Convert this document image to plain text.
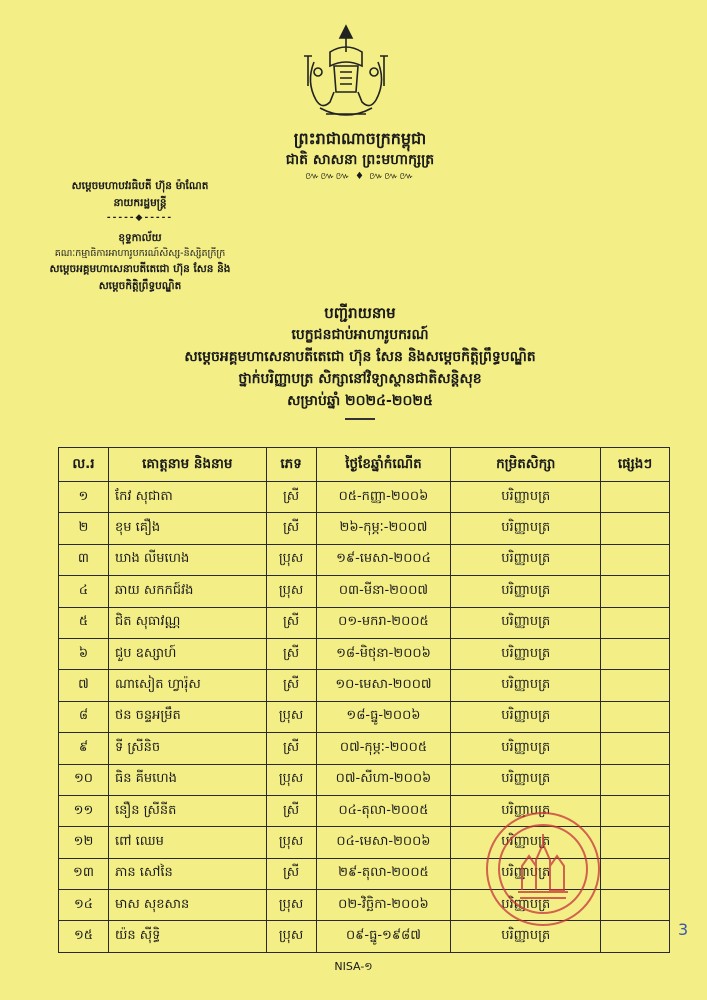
ព្រះរាជាណាចក្រកម្ពុជា
ជាតិ សាសនា ព្រះមហាក្សត្រ
៚៚៚ ♦ ៚៚៚
សម្តេចមហាបវរធិបតី ហ៊ុន ម៉ាណែត
នាយករដ្ឋមន្ត្រី
-----◆-----
ខុទ្ទកាល័យ
គណៈកម្មាធិការអាហារូបករណ៍សិស្ស-និស្សិតក្រីក្រ
សម្តេចអគ្គមហាសេនាបតីតេជោ ហ៊ុន សែន និង
សម្តេចកិត្តិព្រឹទ្ធបណ្ឌិត
បញ្ជីរាយនាម
បេក្ខជនជាប់អាហារូបករណ៍
សម្តេចអគ្គមហាសេនាបតីតេជោ ហ៊ុន សែន និងសម្តេចកិត្តិព្រឹទ្ធបណ្ឌិត
ថ្នាក់បរិញ្ញាបត្រ សិក្សានៅវិទ្យាស្ថានជាតិសន្តិសុខ
សម្រាប់ឆ្នាំ ២០២៤-២០២៥
ល.រ	គោត្តនាម និងនាម	ភេទ	ថ្ងៃខែឆ្នាំកំណើត	កម្រិតសិក្សា	ផ្សេងៗ
១	កែវ សុជាតា	ស្រី	០៥-កញ្ញា-២០០៦	បរិញ្ញាបត្រ	
២	ខុម គឿង	ស្រី	២៦-កុម្ភៈ-២០០៧	បរិញ្ញាបត្រ	
៣	ឃាង លីមហេង	ប្រុស	១៩-មេសា-២០០៤	បរិញ្ញាបត្រ	
៤	ឆាយ សកកជ៍វង	ប្រុស	០៣-មីនា-២០០៧	បរិញ្ញាបត្រ	
៥	ជិត សុធាវណ្ណ	ស្រី	០១-មករា-២០០៥	បរិញ្ញាបត្រ	
៦	ជួប ឧស្សាហ៍	ស្រី	១៨-មិថុនា-២០០៦	បរិញ្ញាបត្រ	
៧	ណាសៀត ហ្វារ៉ុស	ស្រី	១០-មេសា-២០០៧	បរិញ្ញាបត្រ	
៨	ថន ចន្ទអម្រឹត	ប្រុស	១៨-ធ្នូ-២០០៦	បរិញ្ញាបត្រ	
៩	ទី ស្រីនិច	ស្រី	០៧-កុម្ភៈ-២០០៥	បរិញ្ញាបត្រ	
១០	ធិន គីមហេង	ប្រុស	០៧-សីហា-២០០៦	បរិញ្ញាបត្រ	
១១	នឿន ស្រីនីត	ស្រី	០៤-តុលា-២០០៥	បរិញ្ញាបត្រ	
១២	ពៅ ឈេម	ប្រុស	០៤-មេសា-២០០៦	បរិញ្ញាបត្រ	
១៣	ភាន សៅនៃ	ស្រី	២៩-តុលា-២០០៥	បរិញ្ញាបត្រ	
១៤	មាស សុខសាន	ប្រុស	០២-វិច្ឆិកា-២០០៦	បរិញ្ញាបត្រ	
១៥	យ៉ន ស៊ីទ្ធិ	ប្រុស	០៩-ធ្នូ-១៩៨៧	បរិញ្ញាបត្រ		3
NISA-១
